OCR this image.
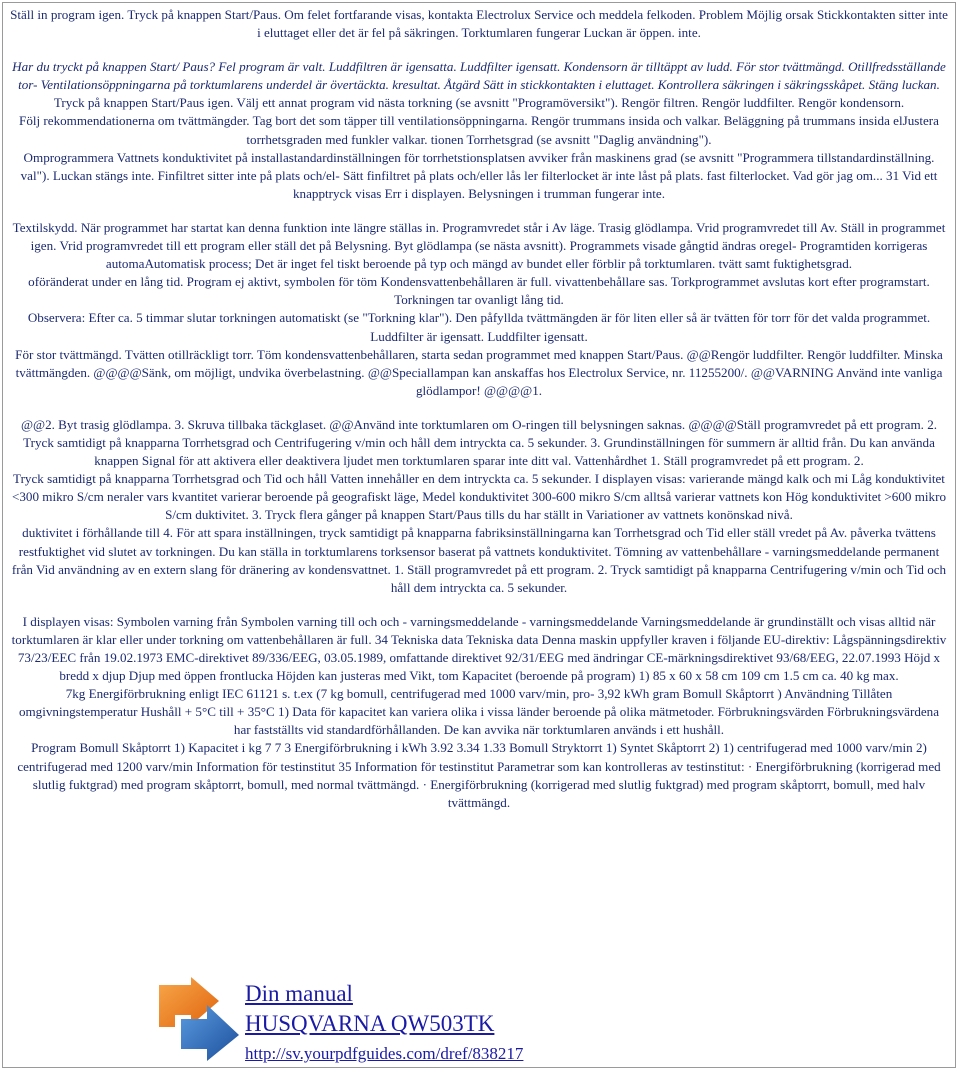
Ställ in program igen. Tryck på knappen Start/Paus. Om felet fortfarande visas, kontakta Electrolux Service och meddela felkoden. Problem Möjlig orsak Stickkontakten sitter inte i eluttaget eller det är fel på säkringen. Torktumlaren fungerar Luckan är öppen. inte.

Har du tryckt på knappen Start/ Paus? Fel program är valt. Luddfiltren är igensatta. Luddfilter igensatt. Kondensorn är tilltäppt av ludd. För stor tvättmängd. Otillfredsställande tor- Ventilationsöppningarna på torktumlarens underdel är övertäckta. kresultat. Åtgärd Sätt in stickkontakten i eluttaget. Kontrollera säkringen i säkringsskåpet. Stäng luckan.

Tryck på knappen Start/Paus igen. Välj ett annat program vid nästa torkning (se avsnitt "Programöversikt"). Rengör filtren. Rengör luddfilter. Rengör kondensorn.

Följ rekommendationerna om tvättmängder. Tag bort det som täpper till ventilationsöppningarna. Rengör trummans insida och valkar. Beläggning på trummans insida elJustera torrhetsgraden med funkler valkar. tionen Torrhetsgrad (se avsnitt "Daglig användning").

Omprogrammera Vattnets konduktivitet på installastandardinställningen för torrhetstionsplatsen avviker från maskinens grad (se avsnitt "Programmera tillstandardinställning. val"). Luckan stängs inte. Finfiltret sitter inte på plats och/el- Sätt finfiltret på plats och/eller lås ler filterlocket är inte låst på plats. fast filterlocket. Vad gör jag om... 31 Vid ett knapptryck visas Err i displayen. Belysningen i trumman fungerar inte.

Textilskydd. När programmet har startat kan denna funktion inte längre ställas in. Programvredet står i Av läge. Trasig glödlampa. Vrid programvredet till Av. Ställ in programmet igen. Vrid programvredet till ett program eller ställ det på Belysning. Byt glödlampa (se nästa avsnitt). Programmets visade gångtid ändras oregel- Programtiden korrigeras automaAutomatisk process; Det är inget fel tiskt beroende på typ och mängd av bundet eller förblir på torktumlaren. tvätt samt fuktighetsgrad.

oföränderat under en lång tid. Program ej aktivt, symbolen för töm Kondensvattenbehållaren är full. vivattenbehållare sas. Torkprogrammet avslutas kort efter programstart. Torkningen tar ovanligt lång tid.

Observera: Efter ca. 5 timmar slutar torkningen automatiskt (se "Torkning klar"). Den påfyllda tvättmängden är för liten eller så är tvätten för torr för det valda programmet. Luddfilter är igensatt. Luddfilter igensatt.

För stor tvättmängd. Tvätten otillräckligt torr. Töm kondensvattenbehållaren, starta sedan programmet med knappen Start/Paus. @@Rengör luddfilter. Rengör luddfilter. Minska tvättmängden. @@@@Sänk, om möjligt, undvika överbelastning. @@Speciallampan kan anskaffas hos Electrolux Service, nr. 11255200/. @@VARNING Använd inte vanliga glödlampor! @@@@1.

@@2. Byt trasig glödlampa. 3. Skruva tillbaka täckglaset. @@Använd inte torktumlaren om O-ringen till belysningen saknas. @@@@Ställ programvredet på ett program. 2. Tryck samtidigt på knapparna Torrhetsgrad och Centrifugering v/min och håll dem intryckta ca. 5 sekunder. 3. Grundinställningen för summern är alltid från. Du kan använda knappen Signal för att aktivera eller deaktivera ljudet men torktumlaren sparar inte ditt val. Vattenhårdhet 1. Ställ programvredet på ett program. 2.

Tryck samtidigt på knapparna Torrhetsgrad och Tid och håll Vatten innehåller en dem intryckta ca. 5 sekunder. I displayen visas: varierande mängd kalk och mi Låg konduktivitet <300 mikro S/cm neraler vars kvantitet varierar beroende på geografiskt läge, Medel konduktivitet 300-600 mikro S/cm alltså varierar vattnets kon Hög konduktivitet >600 mikro S/cm duktivitet. 3. Tryck flera gånger på knappen Start/Paus tills du har ställt in Variationer av vattnets konönskad nivå.

duktivitet i förhållande till 4. För att spara inställningen, tryck samtidigt på knapparna fabriksinställningarna kan Torrhetsgrad och Tid eller ställ vredet på Av. påverka tvättens restfuktighet vid slutet av torkningen. Du kan ställa in torktumlarens torksensor baserat på vattnets konduktivitet. Tömning av vattenbehållare - varningsmeddelande permanent från Vid användning av en extern slang för dränering av kondensvattnet. 1. Ställ programvredet på ett program. 2. Tryck samtidigt på knapparna Centrifugering v/min och Tid och håll dem intryckta ca. 5 sekunder.

I displayen visas: Symbolen varning från Symbolen varning till och och - varningsmeddelande - varningsmeddelande Varningsmeddelande är grundinställt och visas alltid när torktumlaren är klar eller under torkning om vattenbehållaren är full. 34 Tekniska data Tekniska data Denna maskin uppfyller kraven i följande EU-direktiv: Lågspänningsdirektiv 73/23/EEC från 19.02.1973 EMC-direktivet 89/336/EEG, 03.05.1989, omfattande direktivet 92/31/EEG med ändringar CE-märkningsdirektivet 93/68/EEG, 22.07.1993 Höjd x bredd x djup Djup med öppen frontlucka Höjden kan justeras med Vikt, tom Kapacitet (beroende på program) 1) 85 x 60 x 58 cm 109 cm 1.5 cm ca. 40 kg max.

7kg Energiförbrukning enligt IEC 61121 s. t.ex (7 kg bomull, centrifugerad med 1000 varv/min, pro- 3,92 kWh gram Bomull Skåptorrt ) Användning Tillåten omgivningstemperatur Hushåll + 5°C till + 35°C 1) Data för kapacitet kan variera olika i vissa länder beroende på olika mätmetoder. Förbrukningsvärden Förbrukningsvärdena har fastställts vid standardförhållanden. De kan avvika när torktumlaren används i ett hushåll.

Program Bomull Skåptorrt 1) Kapacitet i kg 7 7 3 Energiförbrukning i kWh 3.92 3.34 1.33 Bomull Stryktorrt 1) Syntet Skåptorrt 2) 1) centrifugerad med 1000 varv/min 2) centrifugerad med 1200 varv/min Information för testinstitut 35 Information för testinstitut Parametrar som kan kontrolleras av testinstitut: · Energiförbrukning (korrigerad med slutlig fuktgrad) med program skåptorrt, bomull, med normal tvättmängd. · Energiförbrukning (korrigerad med slutlig fuktgrad) med program skåptorrt, bomull, med halv tvättmängd.

Din manual
HUSQVARNA QW503TK
http://sv.yourpdfguides.com/dref/838217
